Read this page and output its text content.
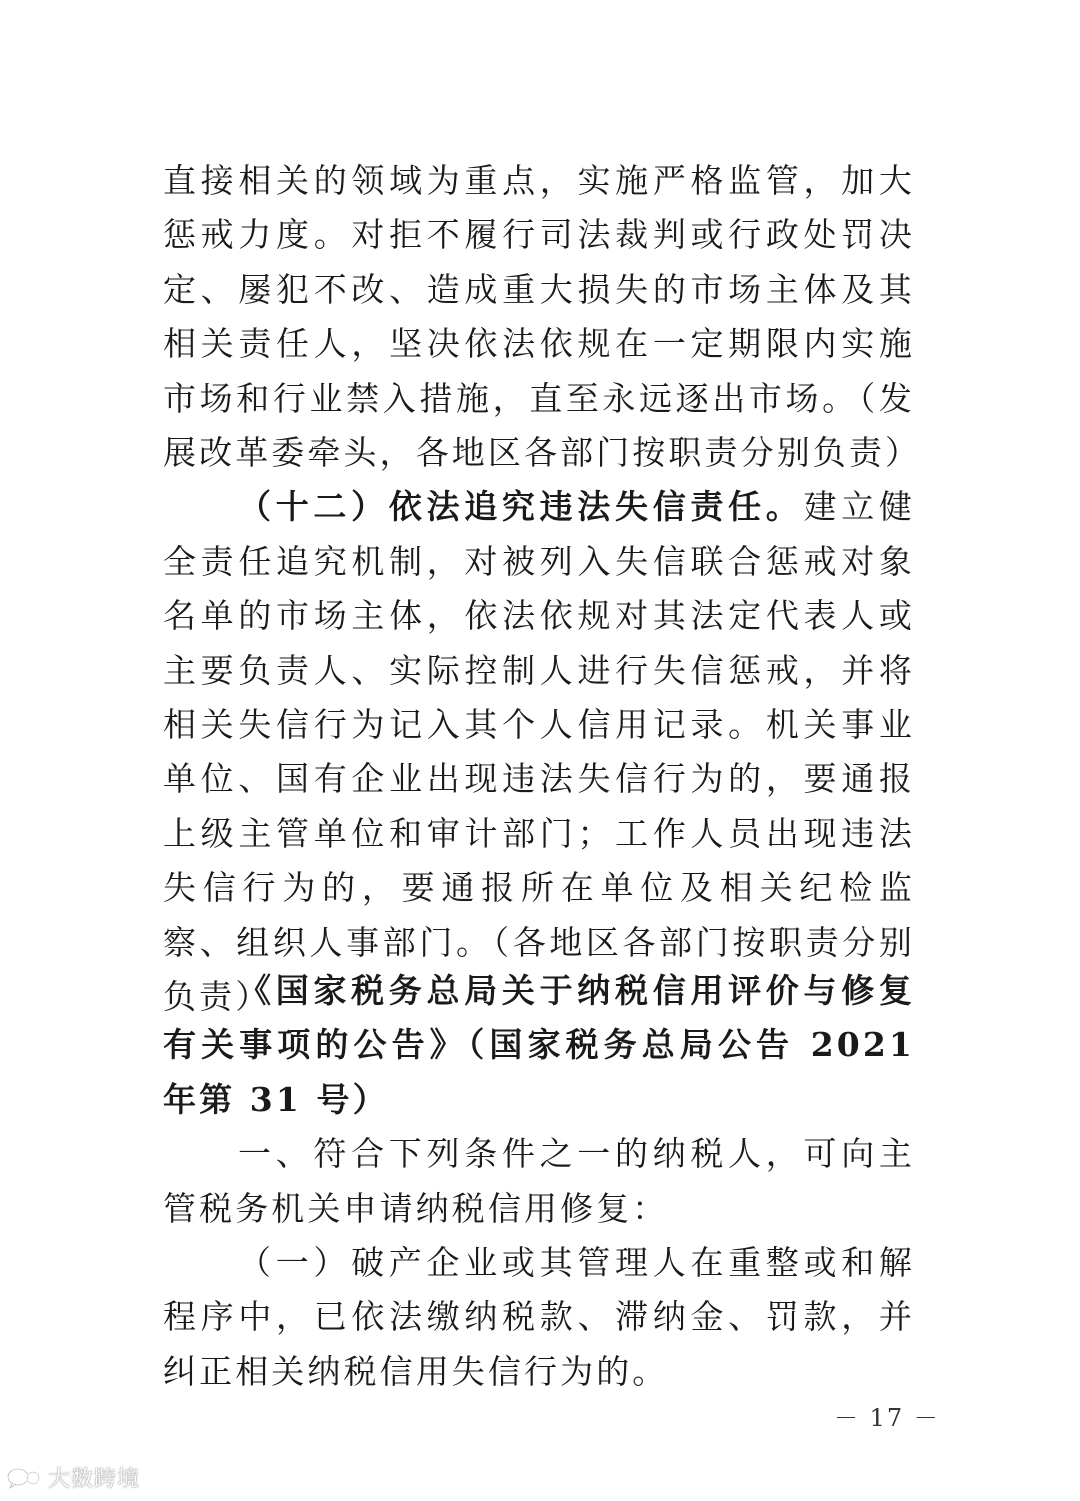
直接相关的领域为重点，实施严格监管，加大惩戒力度。对拒不履行司法裁判或行政处罚决定、屡犯不改、造成重大损失的市场主体及其相关责任人，坚决依法依规在一定期限内实施市场和行业禁入措施，直至永远逐出市场。（发展改革委牵头，各地区各部门按职责分别负责）

（十二）依法追究违法失信责任。建立健全责任追究机制，对被列入失信联合惩戒对象名单的市场主体，依法依规对其法定代表人或主要负责人、实际控制人进行失信惩戒，并将相关失信行为记入其个人信用记录。机关事业单位、国有企业出现违法失信行为的，要通报上级主管单位和审计部门；工作人员出现违法失信行为的，要通报所在单位及相关纪检监察、组织人事部门。（各地区各部门按职责分别负责）

《国家税务总局关于纳税信用评价与修复有关事项的公告》（国家税务总局公告 2021 年第 31 号）

一、符合下列条件之一的纳税人，可向主管税务机关申请纳税信用修复：

（一）破产企业或其管理人在重整或和解程序中，已依法缴纳税款、滞纳金、罚款，并纠正相关纳税信用失信行为的。

－ 17 －
大数跨境
